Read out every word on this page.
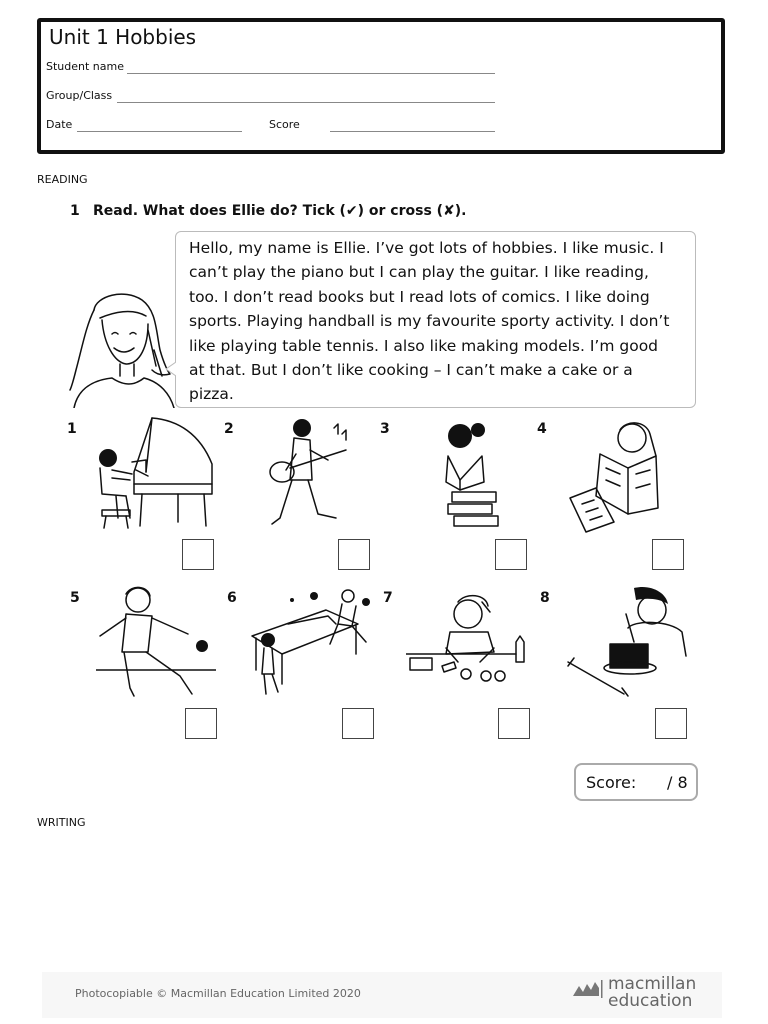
Unit 1 Hobbies
Student name
Group/Class
Date	Score
READING
1 Read. What does Ellie do? Tick (✔) or cross (✘).
Hello, my name is Ellie. I’ve got lots of hobbies. I like music. I
can’t play the piano but I can play the guitar. I like reading,
too. I don’t read books but I read lots of comics. I like doing
sports. Playing handball is my favourite sporty activity. I don’t
like playing table tennis. I also like making models. I’m good
at that. But I don’t like cooking – I can’t make a cake or a
pizza.
1	2	3	4
5	6	7	8
Score: / 8
WRITING
Photocopiable © Macmillan Education Limited 2020	macmillan
education
